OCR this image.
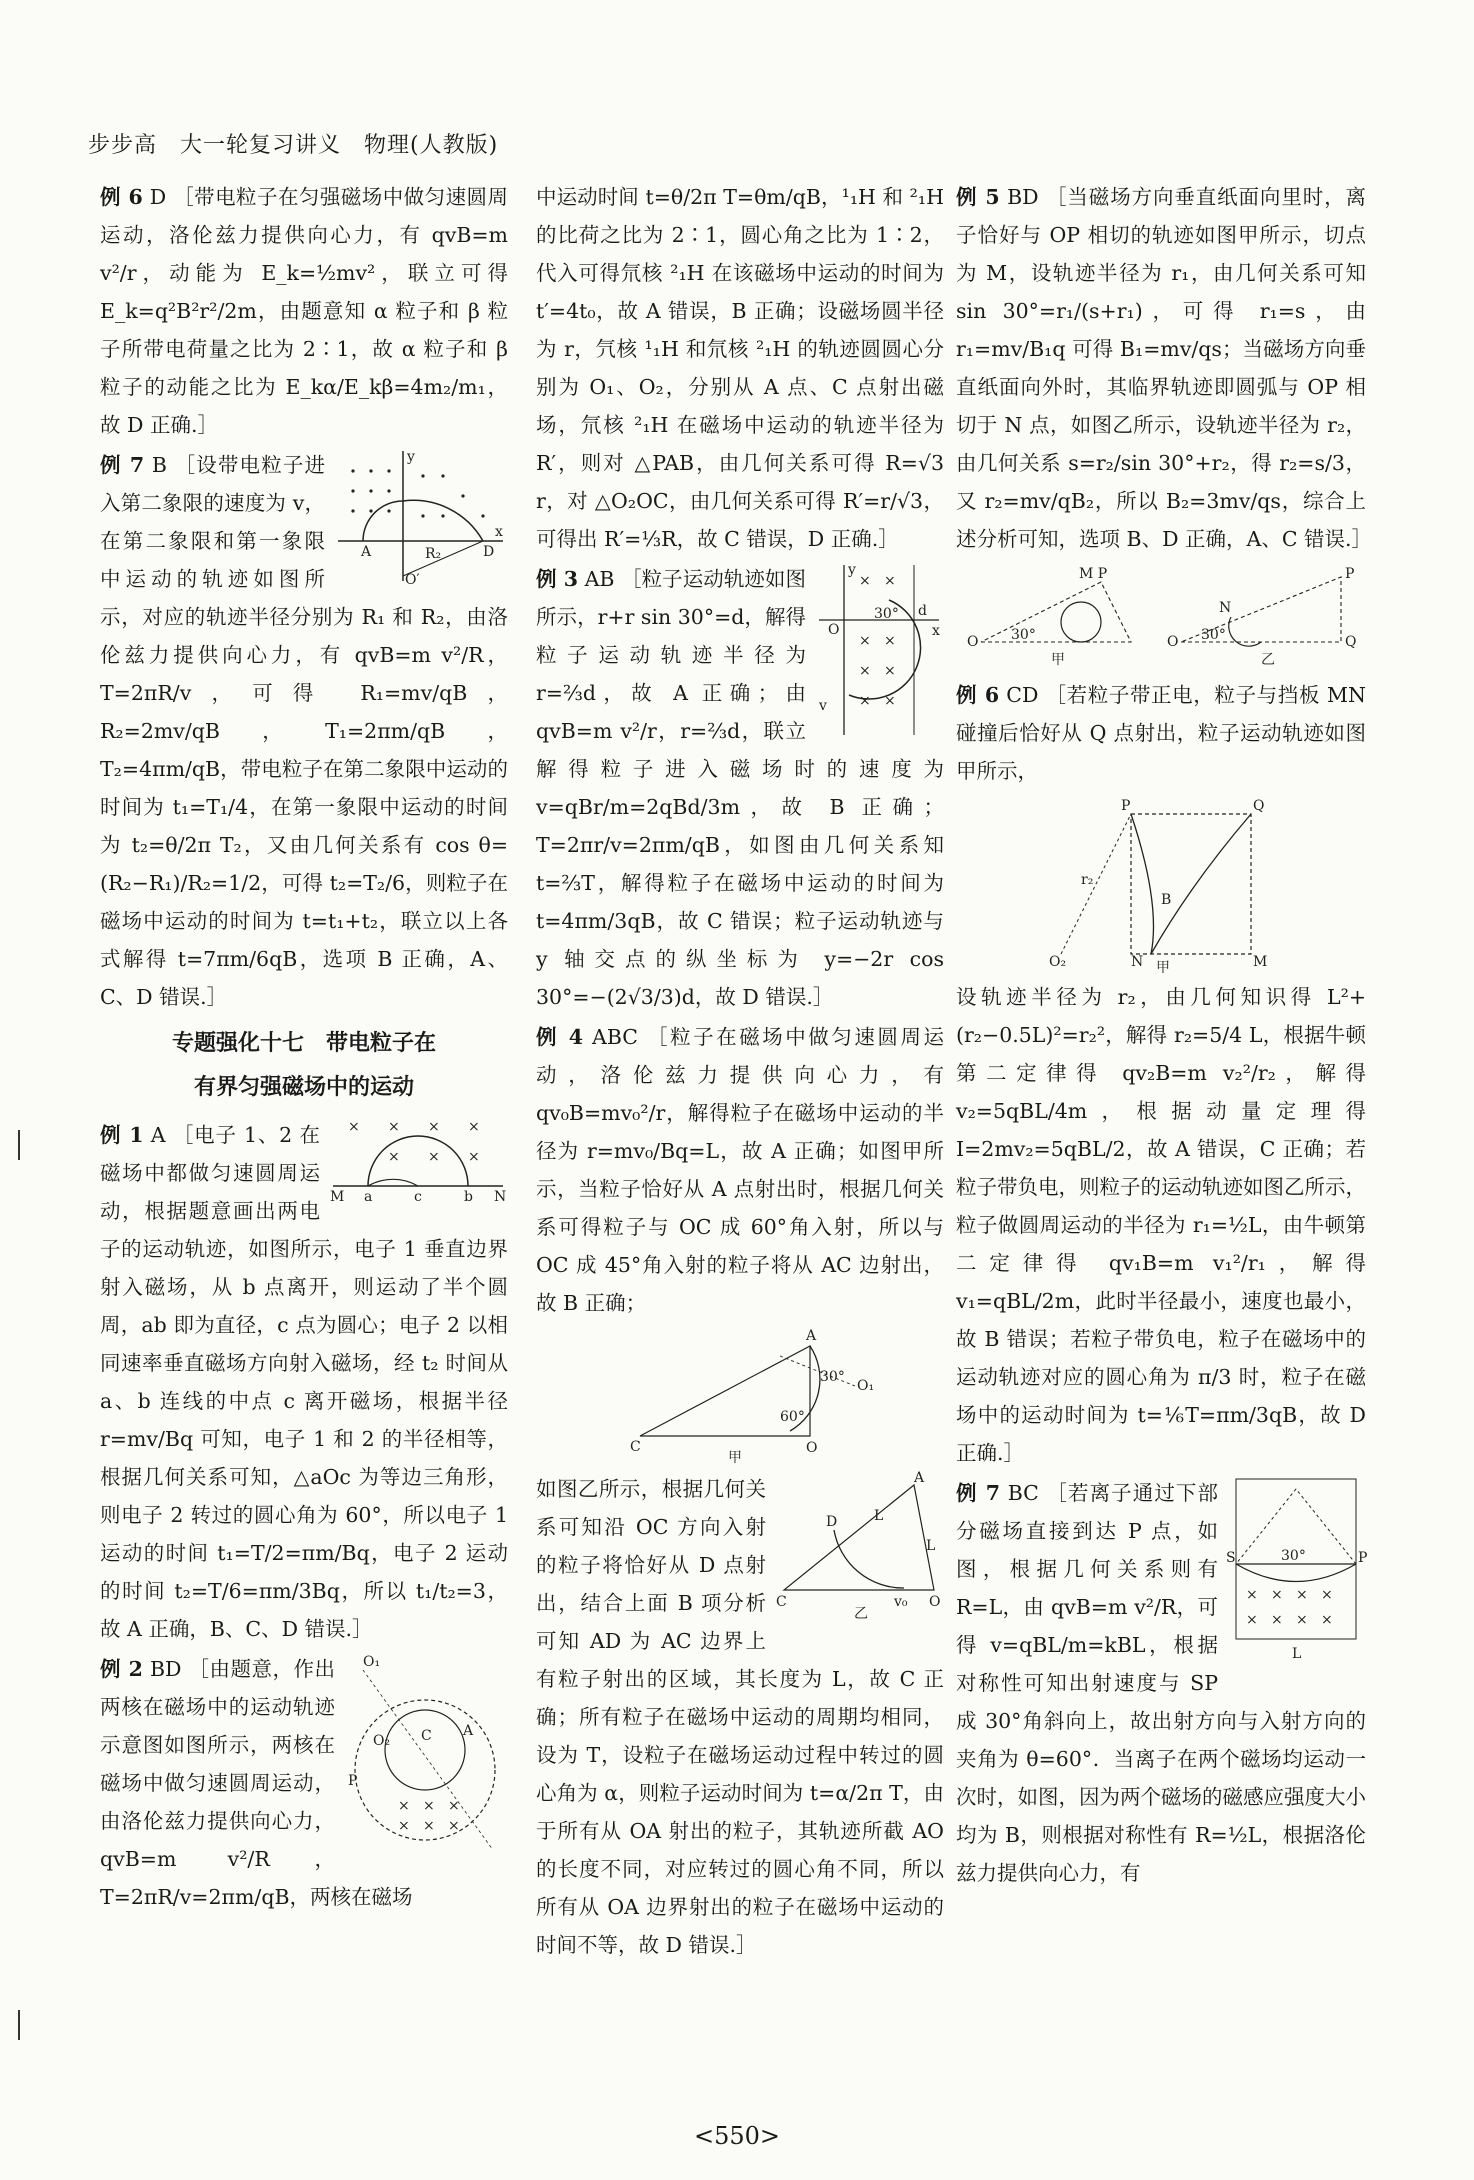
步步高　大一轮复习讲义　物理(人教版)

例 6 D ［带电粒子在匀强磁场中做匀速圆周运动，洛伦兹力提供向心力，有 qvB=m v²/r，动能为 E_k=½mv²，联立可得 E_k=q²B²r²/2m，由题意知 α 粒子和 β 粒子所带电荷量之比为 2∶1，故 α 粒子和 β 粒子的动能之比为 E_kα/E_kβ=4m₂/m₁，故 D 正确.］

A	R₂	D
y
x
O′
例 7 B ［设带电粒子进入第二象限的速度为 v，在第二象限和第一象限中运动的轨迹如图所示，对应的轨迹半径分别为 R₁ 和 R₂，由洛伦兹力提供向心力，有 qvB=m v²/R，T=2πR/v，可得 R₁=mv/qB，R₂=2mv/qB，T₁=2πm/qB，T₂=4πm/qB，带电粒子在第二象限中运动的时间为 t₁=T₁/4，在第一象限中运动的时间为 t₂=θ/2π T₂，又由几何关系有 cos θ=(R₂−R₁)/R₂=1/2，可得 t₂=T₂/6，则粒子在磁场中运动的时间为 t=t₁+t₂，联立以上各式解得 t=7πm/6qB，选项 B 正确，A、C、D 错误.］

专题强化十七　带电粒子在
有界匀强磁场中的运动

× × × ×
× × ×
M a	c	b N
例 1 A ［电子 1、2 在磁场中都做匀速圆周运动，根据题意画出两电子的运动轨迹，如图所示，电子 1 垂直边界射入磁场，从 b 点离开，则运动了半个圆周，ab 即为直径，c 点为圆心；电子 2 以相同速率垂直磁场方向射入磁场，经 t₂ 时间从 a、b 连线的中点 c 离开磁场，根据半径 r=mv/Bq 可知，电子 1 和 2 的半径相等，根据几何关系可知，△aOc 为等边三角形，则电子 2 转过的圆心角为 60°，所以电子 1 运动的时间 t₁=T/2=πm/Bq，电子 2 运动的时间 t₂=T/6=πm/3Bq，所以 t₁/t₂=3，故 A 正确，B、C、D 错误.］

× × ×
× × ×
O₁
O₂
P
C A
例 2 BD ［由题意，作出两核在磁场中的运动轨迹示意图如图所示，两核在磁场中做匀速圆周运动，由洛伦兹力提供向心力，qvB=m v²/R，T=2πR/v=2πm/qB，两核在磁场

中运动时间 t=θ/2π T=θm/qB，¹₁H 和 ²₁H 的比荷之比为 2∶1，圆心角之比为 1∶2，代入可得氘核 ²₁H 在该磁场中运动的时间为 t′=4t₀，故 A 错误，B 正确；设磁场圆半径为 r，氕核 ¹₁H 和氘核 ²₁H 的轨迹圆圆心分别为 O₁、O₂，分别从 A 点、C 点射出磁场，氘核 ²₁H 在磁场中运动的轨迹半径为 R′，则对 △PAB，由几何关系可得 R=√3 r，对 △O₂OC，由几何关系可得 R′=r/√3，可得出 R′=⅓R，故 C 错误，D 正确.］

× ×
× ×
× ×
× ×
y
x
O
d
v
30°
例 3 AB ［粒子运动轨迹如图所示，r+r sin 30°=d，解得粒子运动轨迹半径为 r=⅔d，故 A 正确；由 qvB=m v²/r，r=⅔d，联立解得粒子进入磁场时的速度为 v=qBr/m=2qBd/3m，故 B 正确；T=2πr/v=2πm/qB，如图由几何关系知 t=⅔T，解得粒子在磁场中运动的时间为 t=4πm/3qB，故 C 错误；粒子运动轨迹与 y 轴交点的纵坐标为 y=−2r cos 30°=−(2√3/3)d，故 D 错误.］

例 4 ABC ［粒子在磁场中做匀速圆周运动，洛伦兹力提供向心力，有 qv₀B=mv₀²/r，解得粒子在磁场中运动的半径为 r=mv₀/Bq=L，故 A 正确；如图甲所示，当粒子恰好从 A 点射出时，根据几何关系可得粒子与 OC 成 60°角入射，所以与 OC 成 45°角入射的粒子将从 AC 边射出，故 B 正确；

A
C	O
O₁
60°
30°
甲

A
D	L
L
C	O
v₀
乙
如图乙所示，根据几何关系可知沿 OC 方向入射的粒子将恰好从 D 点射出，结合上面 B 项分析可知 AD 为 AC 边界上有粒子射出的区域，其长度为 L，故 C 正确；所有粒子在磁场中运动的周期均相同，设为 T，设粒子在磁场运动过程中转过的圆心角为 α，则粒子运动时间为 t=α/2π T，由于所有从 OA 射出的粒子，其轨迹所截 AO 的长度不同，对应转过的圆心角不同，所以所有从 OA 边界射出的粒子在磁场中运动的时间不等，故 D 错误.］

例 5 BD ［当磁场方向垂直纸面向里时，离子恰好与 OP 相切的轨迹如图甲所示，切点为 M，设轨迹半径为 r₁，由几何关系可知 sin 30°=r₁/(s+r₁)，可得 r₁=s，由 r₁=mv/B₁q 可得 B₁=mv/qs；当磁场方向垂直纸面向外时，其临界轨迹即圆弧与 OP 相切于 N 点，如图乙所示，设轨迹半径为 r₂，由几何关系 s=r₂/sin 30°+r₂，得 r₂=s/3，又 r₂=mv/qB₂，所以 B₂=3mv/qs，综合上述分析可知，选项 B、D 正确，A、C 错误.］

O
M P
30°
甲
O
P
N
Q
30°
乙

例 6 CD ［若粒子带正电，粒子与挡板 MN 碰撞后恰好从 Q 点射出，粒子运动轨迹如图甲所示，

P	Q
O₂	N	M
B
r₂
甲

设轨迹半径为 r₂，由几何知识得 L²+(r₂−0.5L)²=r₂²，解得 r₂=5/4 L，根据牛顿第二定律得 qv₂B=m v₂²/r₂，解得 v₂=5qBL/4m，根据动量定理得 I=2mv₂=5qBL/2，故 A 错误，C 正确；若粒子带负电，则粒子的运动轨迹如图乙所示，粒子做圆周运动的半径为 r₁=½L，由牛顿第二定律得 qv₁B=m v₁²/r₁，解得 v₁=qBL/2m，此时半径最小，速度也最小，故 B 错误；若粒子带负电，粒子在磁场中的运动轨迹对应的圆心角为 π/3 时，粒子在磁场中的运动时间为 t=⅙T=πm/3qB，故 D 正确.］

× × × ×
× × × ×
S	P
30°
L
例 7 BC ［若离子通过下部分磁场直接到达 P 点，如图，根据几何关系则有 R=L，由 qvB=m v²/R，可得 v=qBL/m=kBL，根据对称性可知出射速度与 SP 成 30°角斜向上，故出射方向与入射方向的夹角为 θ=60°．当离子在两个磁场均运动一次时，如图，因为两个磁场的磁感应强度大小均为 B，则根据对称性有 R=½L，根据洛伦兹力提供向心力，有

<550>
